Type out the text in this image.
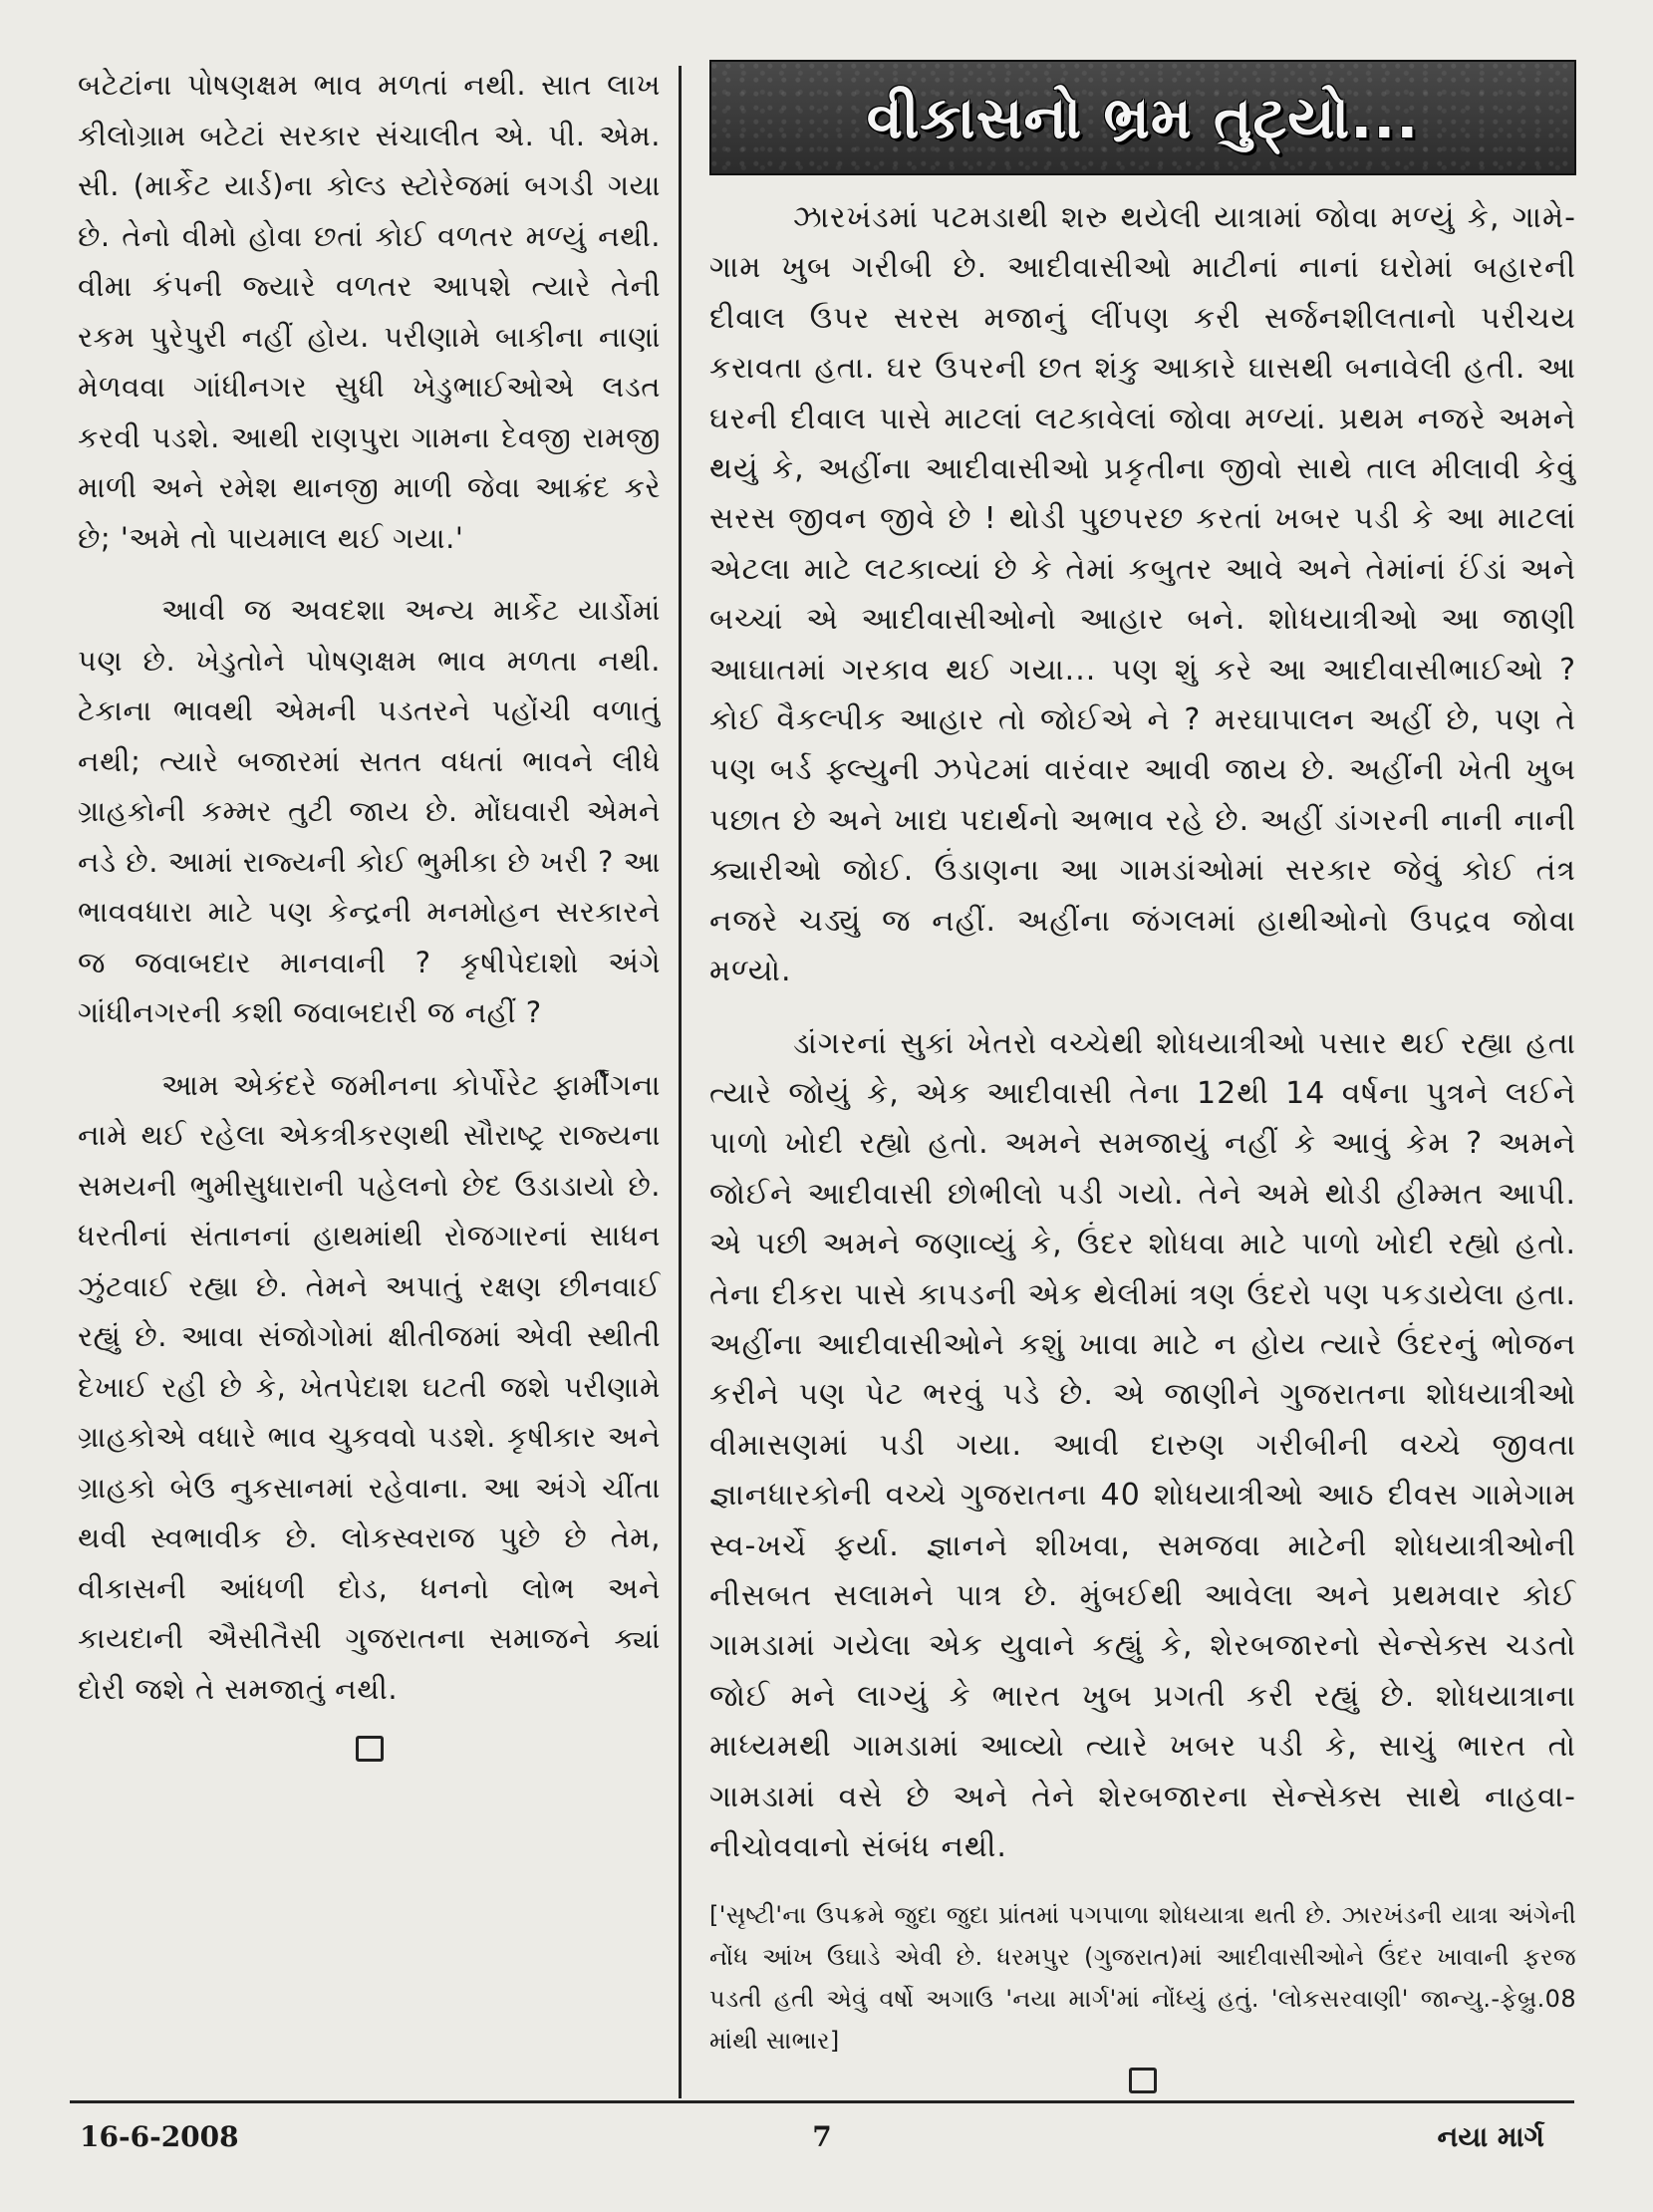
બટેટાંના પોષણક્ષમ ભાવ મળતાં નથી. સાત લાખ કીલોગ્રામ બટેટાં સરકાર સંચાલીત એ. પી. એમ. સી. (માર્કેટ યાર્ડ)ના કોલ્ડ સ્ટોરેજમાં બગડી ગયા છે. તેનો વીમો હોવા છતાં કોઈ વળતર મળ્યું નથી. વીમા કંપની જ્યારે વળતર આપશે ત્યારે તેની રકમ પુરેપુરી નહીં હોય. પરીણામે બાકીના નાણાં મેળવવા ગાંધીનગર સુધી ખેડુભાઈઓએ લડત કરવી પડશે. આથી રાણપુરા ગામના દેવજી રામજી માળી અને રમેશ થાનજી માળી જેવા આક્રંદ કરે છે; 'અમે તો પાયમાલ થઈ ગયા.'

આવી જ અવદશા અન્ય માર્કેટ યાર્ડોમાં પણ છે. ખેડુતોને પોષણક્ષમ ભાવ મળતા નથી. ટેકાના ભાવથી એમની પડતરને પહોંચી વળાતું નથી; ત્યારે બજારમાં સતત વધતાં ભાવને લીધે ગ્રાહકોની કમ્મર તુટી જાય છે. મોંઘવારી એમને નડે છે. આમાં રાજ્યની કોઈ ભુમીકા છે ખરી ? આ ભાવવધારા માટે પણ કેન્દ્રની મનમોહન સરકારને જ જવાબદાર માનવાની ? કૃષીપેદાશો અંગે ગાંધીનગરની કશી જવાબદારી જ નહીં ?

આમ એકંદરે જમીનના કોર્પોરેટ ફાર્મીંગના નામે થઈ રહેલા એકત્રીકરણથી સૌરાષ્ટ્ર રાજ્યના સમયની ભુમીસુધારાની પહેલનો છેદ ઉડાડાયો છે. ધરતીનાં સંતાનનાં હાથમાંથી રોજગારનાં સાધન ઝુંટવાઈ રહ્યા છે. તેમને અપાતું રક્ષણ છીનવાઈ રહ્યું છે. આવા સંજોગોમાં ક્ષીતીજમાં એવી સ્થીતી દેખાઈ રહી છે કે, ખેતપેદાશ ઘટતી જશે પરીણામે ગ્રાહકોએ વધારે ભાવ ચુકવવો પડશે. કૃષીકાર અને ગ્રાહકો બેઉ નુકસાનમાં રહેવાના. આ અંગે ચીંતા થવી સ્વભાવીક છે. લોકસ્વરાજ પુછે છે તેમ, વીકાસની આંધળી દોડ, ધનનો લોભ અને કાયદાની ઐસીતૈસી ગુજરાતના સમાજને ક્યાં દોરી જશે તે સમજાતું નથી.

વીકાસનો ભ્રમ તુટ્યો...

ઝારખંડમાં પટમડાથી શરુ થયેલી યાત્રામાં જોવા મળ્યું કે, ગામે-ગામ ખુબ ગરીબી છે. આદીવાસીઓ માટીનાં નાનાં ઘરોમાં બહારની દીવાલ ઉપર સરસ મજાનું લીંપણ કરી સર્જનશીલતાનો પરીચય કરાવતા હતા. ઘર ઉપરની છત શંકુ આકારે ઘાસથી બનાવેલી હતી. આ ઘરની દીવાલ પાસે માટલાં લટકાવેલાં જોવા મળ્યાં. પ્રથમ નજરે અમને થયું કે, અહીંના આદીવાસીઓ પ્રકૃતીના જીવો સાથે તાલ મીલાવી કેવું સરસ જીવન જીવે છે ! થોડી પુછપરછ કરતાં ખબર પડી કે આ માટલાં એટલા માટે લટકાવ્યાં છે કે તેમાં કબુતર આવે અને તેમાંનાં ઈંડાં અને બચ્ચાં એ આદીવાસીઓનો આહાર બને. શોધયાત્રીઓ આ જાણી આઘાતમાં ગરકાવ થઈ ગયા... પણ શું કરે આ આદીવાસીભાઈઓ ? કોઈ વૈકલ્પીક આહાર તો જોઈએ ને ? મરઘાપાલન અહીં છે, પણ તે પણ બર્ડ ફ્લ્યુની ઝપેટમાં વારંવાર આવી જાય છે. અહીંની ખેતી ખુબ પછાત છે અને ખાદ્ય પદાર્થનો અભાવ રહે છે. અહીં ડાંગરની નાની નાની ક્યારીઓ જોઈ. ઉંડાણના આ ગામડાંઓમાં સરકાર જેવું કોઈ તંત્ર નજરે ચડ્યું જ નહીં. અહીંના જંગલમાં હાથીઓનો ઉપદ્રવ જોવા મળ્યો.

ડાંગરનાં સુકાં ખેતરો વચ્ચેથી શોધયાત્રીઓ પસાર થઈ રહ્યા હતા ત્યારે જોયું કે, એક આદીવાસી તેના 12થી 14 વર્ષના પુત્રને લઈને પાળો ખોદી રહ્યો હતો. અમને સમજાયું નહીં કે આવું કેમ ? અમને જોઈને આદીવાસી છોભીલો પડી ગયો. તેને અમે થોડી હીમ્મત આપી. એ પછી અમને જણાવ્યું કે, ઉંદર શોધવા માટે પાળો ખોદી રહ્યો હતો. તેના દીકરા પાસે કાપડની એક થેલીમાં ત્રણ ઉંદરો પણ પકડાયેલા હતા. અહીંના આદીવાસીઓને કશું ખાવા માટે ન હોય ત્યારે ઉંદરનું ભોજન કરીને પણ પેટ ભરવું પડે છે. એ જાણીને ગુજરાતના શોધયાત્રીઓ વીમાસણમાં પડી ગયા. આવી દારુણ ગરીબીની વચ્ચે જીવતા જ્ઞાનધારકોની વચ્ચે ગુજરાતના 40 શોધયાત્રીઓ આઠ દીવસ ગામેગામ સ્વ-ખર્ચે ફર્યા. જ્ઞાનને શીખવા, સમજવા માટેની શોધયાત્રીઓની નીસબત સલામને પાત્ર છે. મુંબઈથી આવેલા અને પ્રથમવાર કોઈ ગામડામાં ગયેલા એક યુવાને કહ્યું કે, શેરબજારનો સેન્સેક્સ ચડતો જોઈ મને લાગ્યું કે ભારત ખુબ પ્રગતી કરી રહ્યું છે. શોધયાત્રાના માધ્યમથી ગામડામાં આવ્યો ત્યારે ખબર પડી કે, સાચું ભારત તો ગામડામાં વસે છે અને તેને શેરબજારના સેન્સેક્સ સાથે નાહવા-નીચોવવાનો સંબંધ નથી.

['સૃષ્ટી'ના ઉપક્રમે જુદા જુદા પ્રાંતમાં પગપાળા શોધયાત્રા થતી છે. ઝારખંડની યાત્રા અંગેની નોંધ આંખ ઉઘાડે એવી છે. ધરમપુર (ગુજરાત)માં આદીવાસીઓને ઉંદર ખાવાની ફરજ પડતી હતી એવું વર્ષો અગાઉ 'નયા માર્ગ'માં નોંધ્યું હતું. 'લોકસરવાણી' જાન્યુ.-ફેબ્રુ.08 માંથી સાભાર]

16-6-2008	7	નયા માર્ગ
